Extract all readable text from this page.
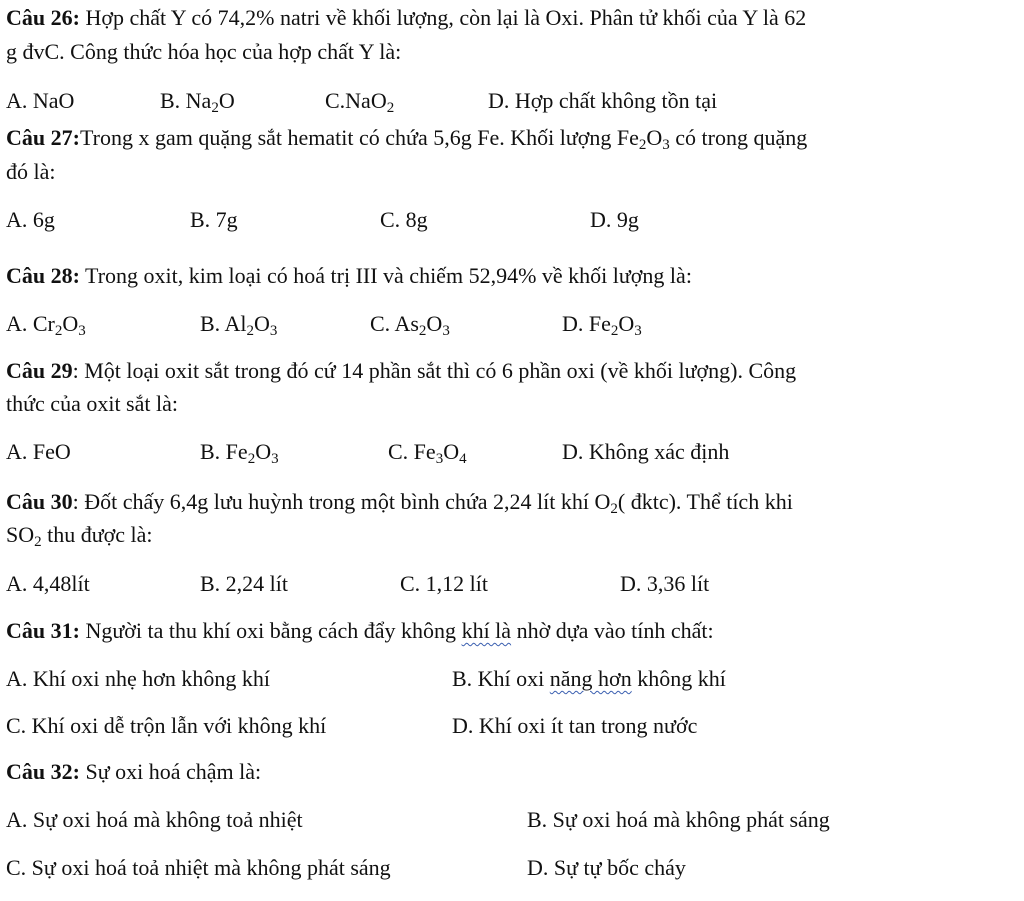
Câu 26: Hợp chất Y có 74,2% natri về khối lượng, còn lại là Oxi. Phân tử khối của Y là 62
g đvC. Công thức hóa học của hợp chất Y là:
A. NaO	B. $Na_2O$	C.NaO$_2$	D. Hợp chất không tồn tại
Câu 27:Trong x gam quặng sắt hematit có chứa 5,6g Fe. Khối lượng $Fe_2O_3$ có trong quặng
đó là:
A. 6g	B. 7g	C. 8g	D. 9g
Câu 28: Trong oxit, kim loại có hoá trị III và chiếm 52,94% về khối lượng là:
A. $Cr_2O_3$	B. $Al_2O_3$	C. $As_2O_3$	D. $Fe_2O_3$
Câu 29: Một loại oxit sắt trong đó cứ 14 phần sắt thì có 6 phần oxi (về khối lượng). Công
thức của oxit sắt là:
A. FeO	B. $Fe_2O_3$	C. $Fe_3O_4$	D. Không xác định
Câu 30: Đốt chấy 6,4g lưu huỳnh trong một bình chứa 2,24 lít khí $O_2$( đktc). Thể tích khi
$SO_2$ thu được là:
A. 4,48lít	B. 2,24 lít	C. 1,12 lít	D. 3,36 lít
Câu 31: Người ta thu khí oxi bằng cách đẩy không khí là nhờ dựa vào tính chất:
A. Khí oxi nhẹ hơn không khí	B. Khí oxi năng hơn không khí
C. Khí oxi dễ trộn lẫn với không khí	D. Khí oxi ít tan trong nước
Câu 32: Sự oxi hoá chậm là:
A. Sự oxi hoá mà không toả nhiệt	B. Sự oxi hoá mà không phát sáng
C. Sự oxi hoá toả nhiệt mà không phát sáng	D. Sự tự bốc cháy
